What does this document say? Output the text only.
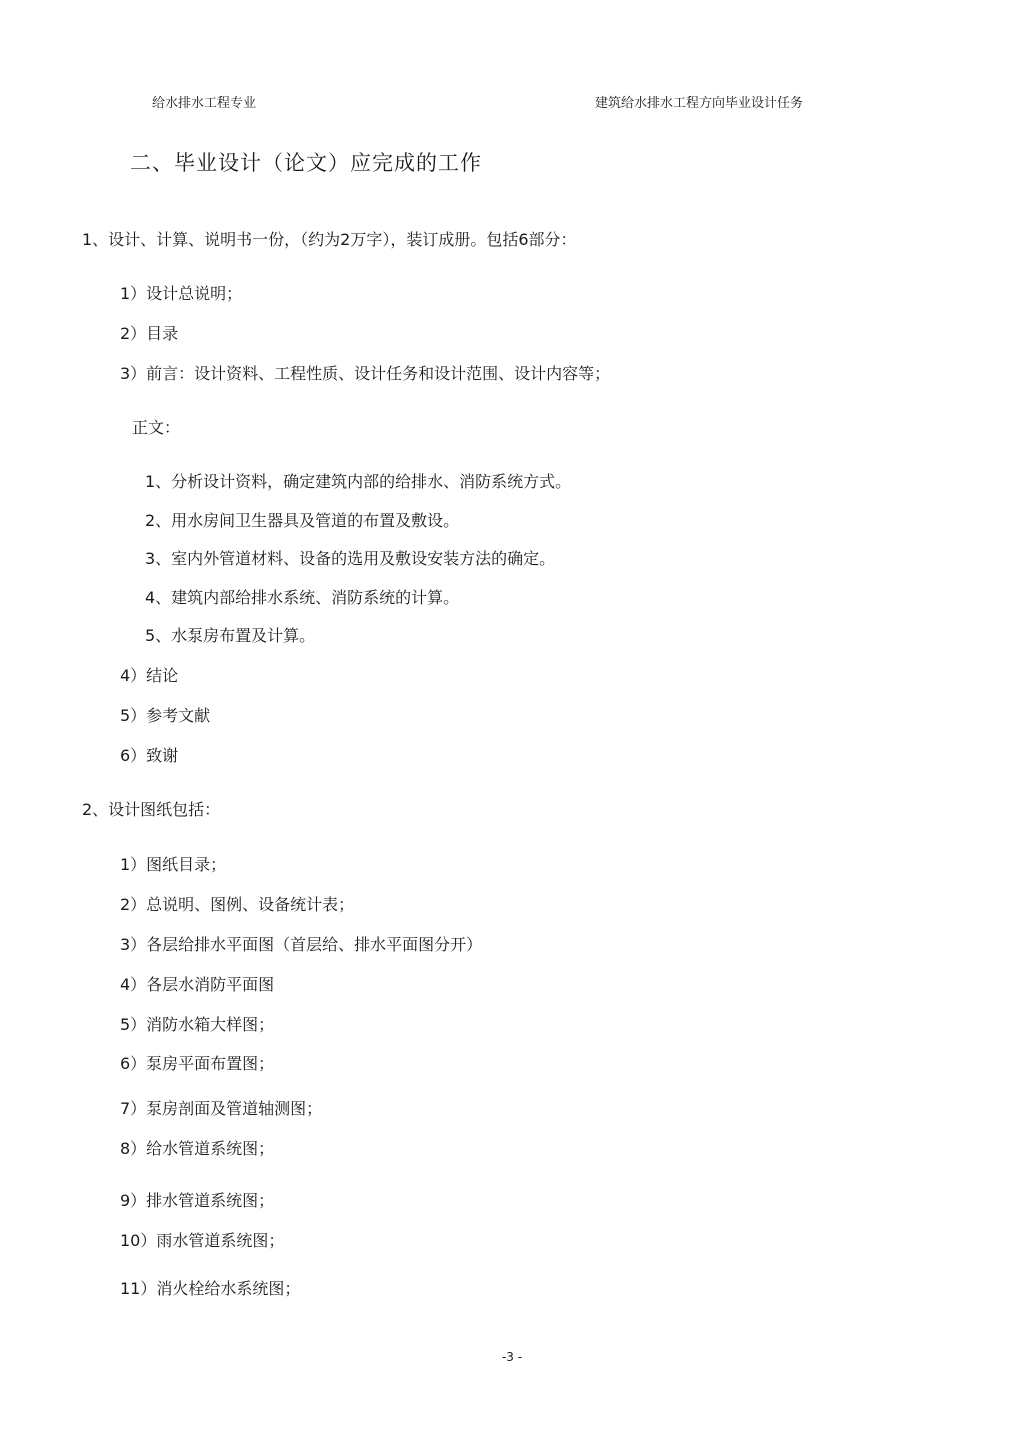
给水排水工程专业	建筑给水排水工程方向毕业设计任务
二、毕业设计（论文）应完成的工作
1、设计、计算、说明书一份，（约为2万字），装订成册。包括6部分：
1）设计总说明；
2）目录
3）前言：设计资料、工程性质、设计任务和设计范围、设计内容等；
正文：
1、分析设计资料，确定建筑内部的给排水、消防系统方式。
2、用水房间卫生器具及管道的布置及敷设。
3、室内外管道材料、设备的选用及敷设安装方法的确定。
4、建筑内部给排水系统、消防系统的计算。
5、水泵房布置及计算。
4）结论
5）参考文献
6）致谢
2、设计图纸包括：
1）图纸目录；
2）总说明、图例、设备统计表；
3）各层给排水平面图（首层给、排水平面图分开）
4）各层水消防平面图
5）消防水箱大样图；
6）泵房平面布置图；
7）泵房剖面及管道轴测图；
8）给水管道系统图；
9）排水管道系统图；
10）雨水管道系统图；
11）消火栓给水系统图；
-3 -
